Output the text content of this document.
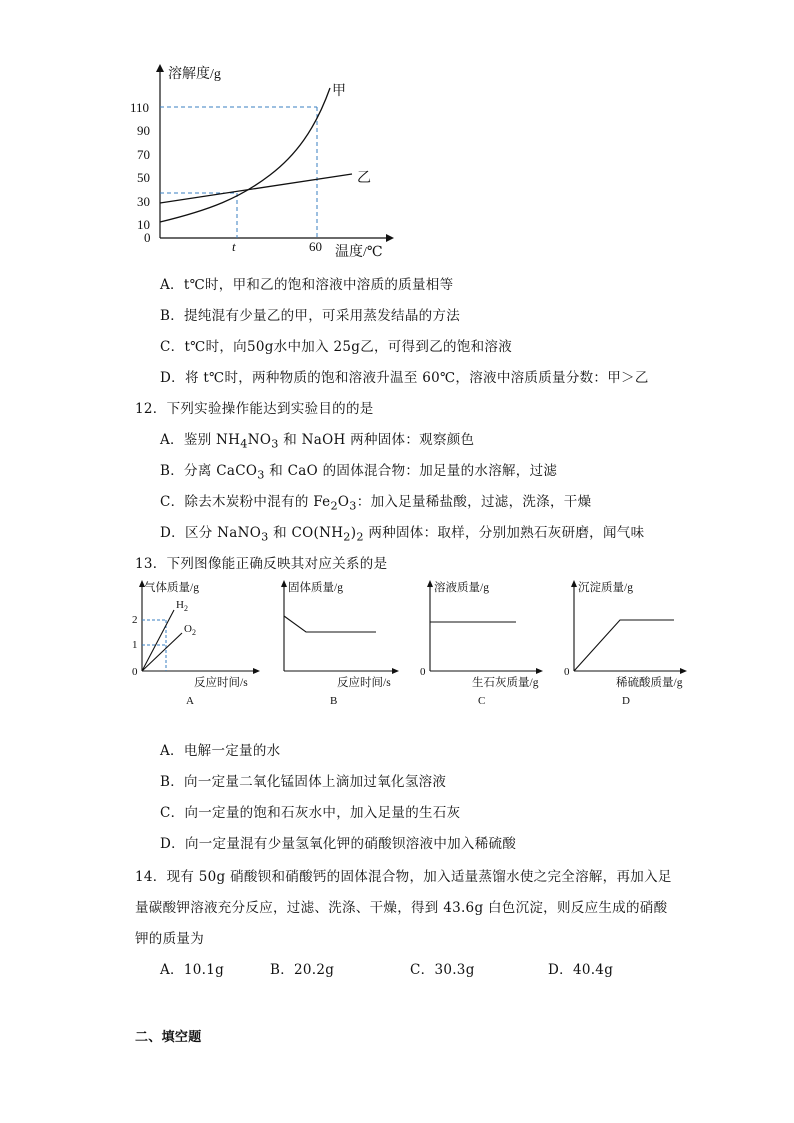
溶解度/g
温度/℃
110
90
70
50
30
10
0
t	60
甲
乙
A．t℃时，甲和乙的饱和溶液中溶质的质量相等
B．提纯混有少量乙的甲，可采用蒸发结晶的方法
C．t℃时，向50g水中加入 25g乙，可得到乙的饱和溶液
D．将 t℃时，两种物质的饱和溶液升温至 60℃，溶液中溶质质量分数：甲＞乙
12．下列实验操作能达到实验目的的是
A．鉴别 $NH_4NO_3$ 和 NaOH 两种固体：观察颜色
B．分离 CaCO$_3$ 和 CaO 的固体混合物：加足量的水溶解，过滤
C．除去木炭粉中混有的 $Fe_2O_3$：加入足量稀盐酸，过滤，洗涤，干燥
D．区分 NaNO$_3$ 和 $CO(NH_2)_2$ 两种固体：取样，分别加熟石灰研磨，闻气味
13．下列图像能正确反映其对应关系的是
气体质量/g
反应时间/s
0
2
1
$H_2$
$O_2$
A
固体质量/g
反应时间/s
B
溶液质量/g
生石灰质量/g
0
C
沉淀质量/g
稀硫酸质量/g
0
D
A．电解一定量的水
B．向一定量二氧化锰固体上滴加过氧化氢溶液
C．向一定量的饱和石灰水中，加入足量的生石灰
D．向一定量混有少量氢氧化钾的硝酸钡溶液中加入稀硫酸
14．现有 50g 硝酸钡和硝酸钙的固体混合物，加入适量蒸馏水使之完全溶解，再加入足
量碳酸钾溶液充分反应，过滤、洗涤、干燥，得到 43.6g 白色沉淀，则反应生成的硝酸
钾的质量为
A．10.1g	B．20.2g	C．30.3g	D．40.4g
二、填空题
